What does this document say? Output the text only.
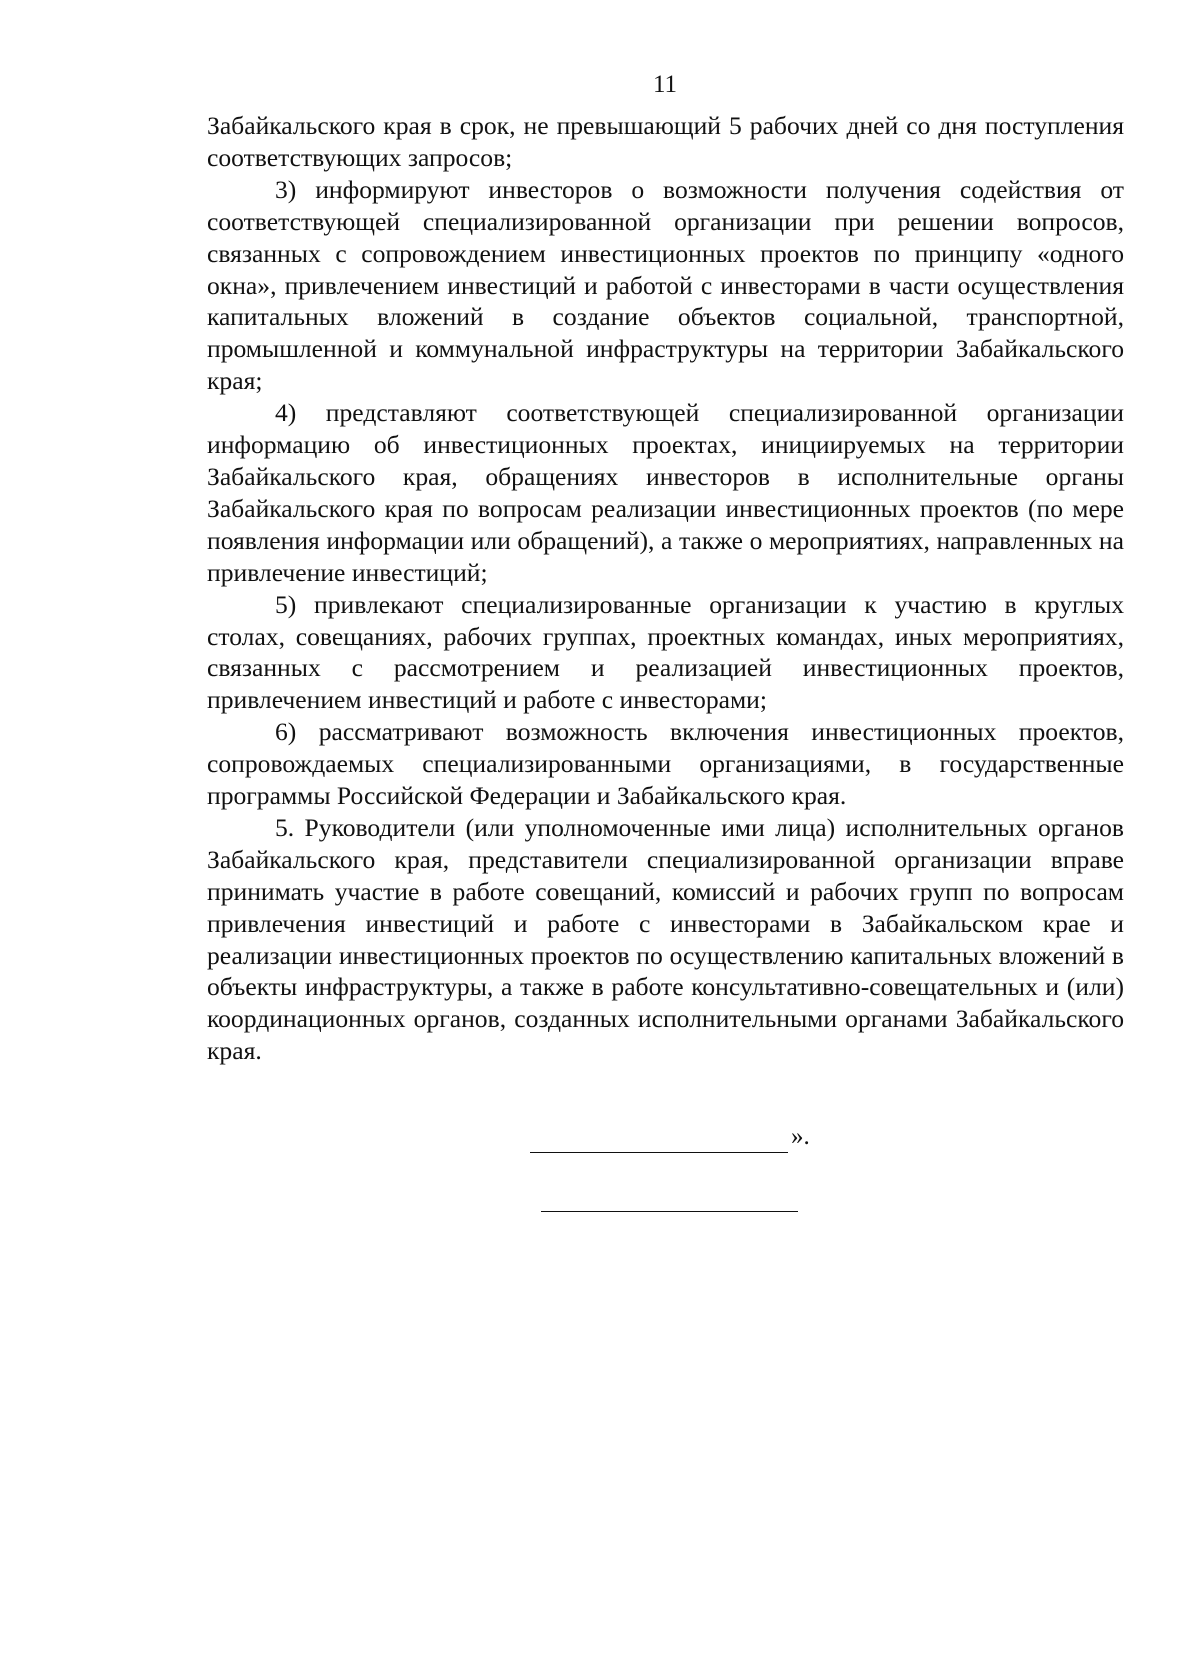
11

Забайкальского края в срок, не превышающий 5 рабочих дней со дня поступления соответствующих запросов;

3) информируют инвесторов о возможности получения содействия от соответствующей специализированной организации при решении вопросов, связанных с сопровождением инвестиционных проектов по принципу «одного окна», привлечением инвестиций и работой с инвесторами в части осуществления капитальных вложений в создание объектов социальной, транспортной, промышленной и коммунальной инфраструктуры на территории Забайкальского края;

4) представляют соответствующей специализированной организации информацию об инвестиционных проектах, инициируемых на территории Забайкальского края, обращениях инвесторов в исполнительные органы Забайкальского края по вопросам реализации инвестиционных проектов (по мере появления информации или обращений), а также о мероприятиях, направленных на привлечение инвестиций;

5) привлекают специализированные организации к участию в круглых столах, совещаниях, рабочих группах, проектных командах, иных мероприятиях, связанных с рассмотрением и реализацией инвестиционных проектов, привлечением инвестиций и работе с инвесторами;

6) рассматривают возможность включения инвестиционных проектов, сопровождаемых специализированными организациями, в государственные программы Российской Федерации и Забайкальского края.

5. Руководители (или уполномоченные ими лица) исполнительных органов Забайкальского края, представители специализированной организации вправе принимать участие в работе совещаний, комиссий и рабочих групп по вопросам привлечения инвестиций и работе с инвесторами в Забайкальском крае и реализации инвестиционных проектов по осуществлению капитальных вложений в объекты инфраструктуры, а также в работе консультативно-совещательных и (или) координационных органов, созданных исполнительными органами Забайкальского края.

».
